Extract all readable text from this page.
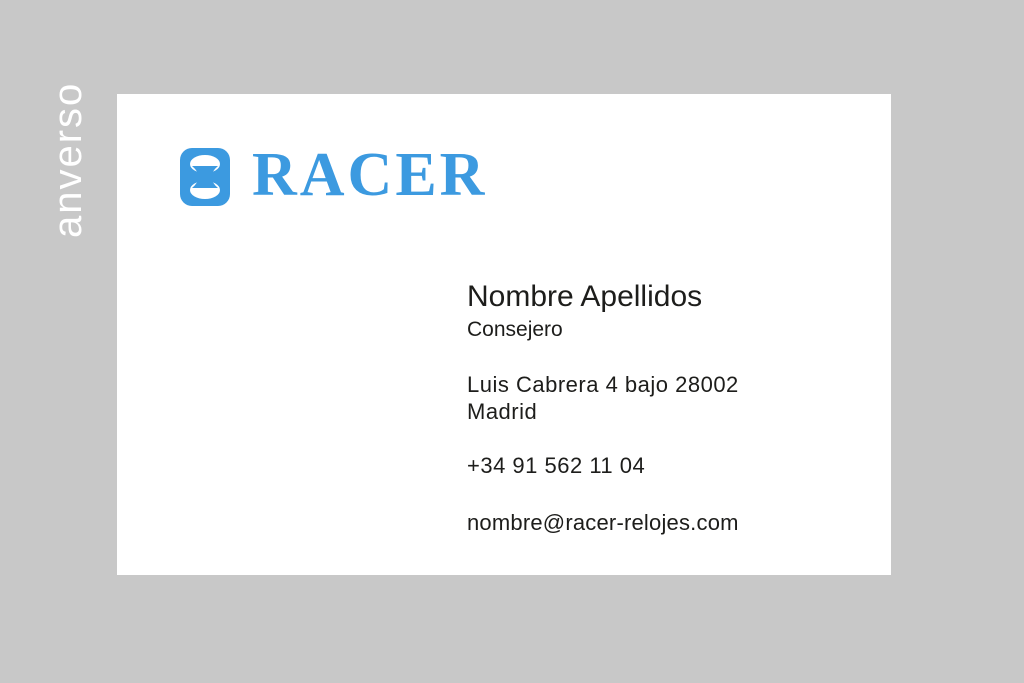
anverso	RACER

Nombre Apellidos

Consejero

Luis Cabrera 4 bajo 28002
Madrid

+34 91 562 11 04

nombre@racer-relojes.com
